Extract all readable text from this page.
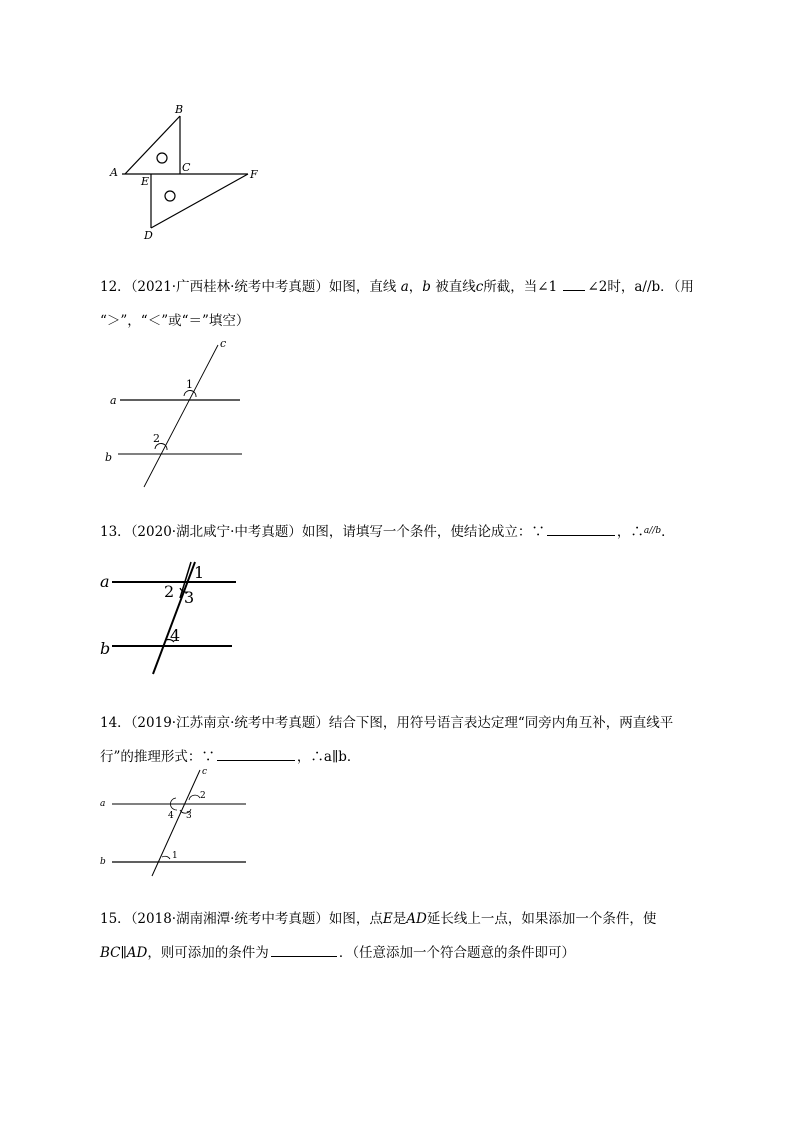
A
B
C
E
F
D
12．（2021·广西桂林·统考中考真题）如图，直线 a，b 被直线c所截，当∠1 ∠2时，a//b．（用
“＞”，“＜”或“＝”填空）
c
a
b
1
2
13．（2020·湖北咸宁·中考真题）如图，请填写一个条件，使结论成立：∵	，∴$^{a//b}$．
a
b
1
2 3
4
14．（2019·江苏南京·统考中考真题）结合下图，用符号语言表达定理“同旁内角互补，两直线平
行”的推理形式：∵	，∴a∥b．
c
a
b
2
3
4
1
15．（2018·湖南湘潭·统考中考真题）如图，点E是AD延长线上一点，如果添加一个条件，使
BC∥AD，则可添加的条件为	．（任意添加一个符合题意的条件即可）
